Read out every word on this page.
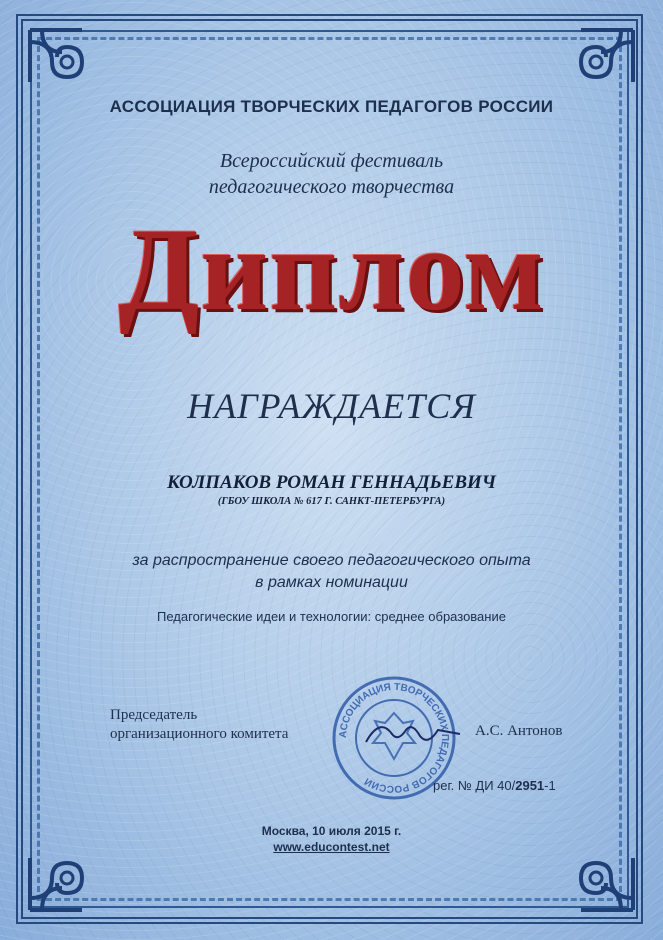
АССОЦИАЦИЯ ТВОРЧЕСКИХ ПЕДАГОГОВ РОССИИ
Всероссийский фестиваль
педагогического творчества
Диплом
НАГРАЖДАЕТСЯ
КОЛПАКОВ РОМАН ГЕННАДЬЕВИЧ
(ГБОУ ШКОЛА № 617 Г. САНКТ-ПЕТЕРБУРГА)
за распространение своего педагогического опыта
в рамках номинации
Педагогические идеи и технологии: среднее образование
Председатель
организационного комитета	АССОЦИАЦИЯ ТВОРЧЕСКИХ ПЕДАГОГОВ РОССИИ
А.С. Антонов
рег. № ДИ 40/2951-1
Москва, 10 июля 2015 г.
www.educontest.net
